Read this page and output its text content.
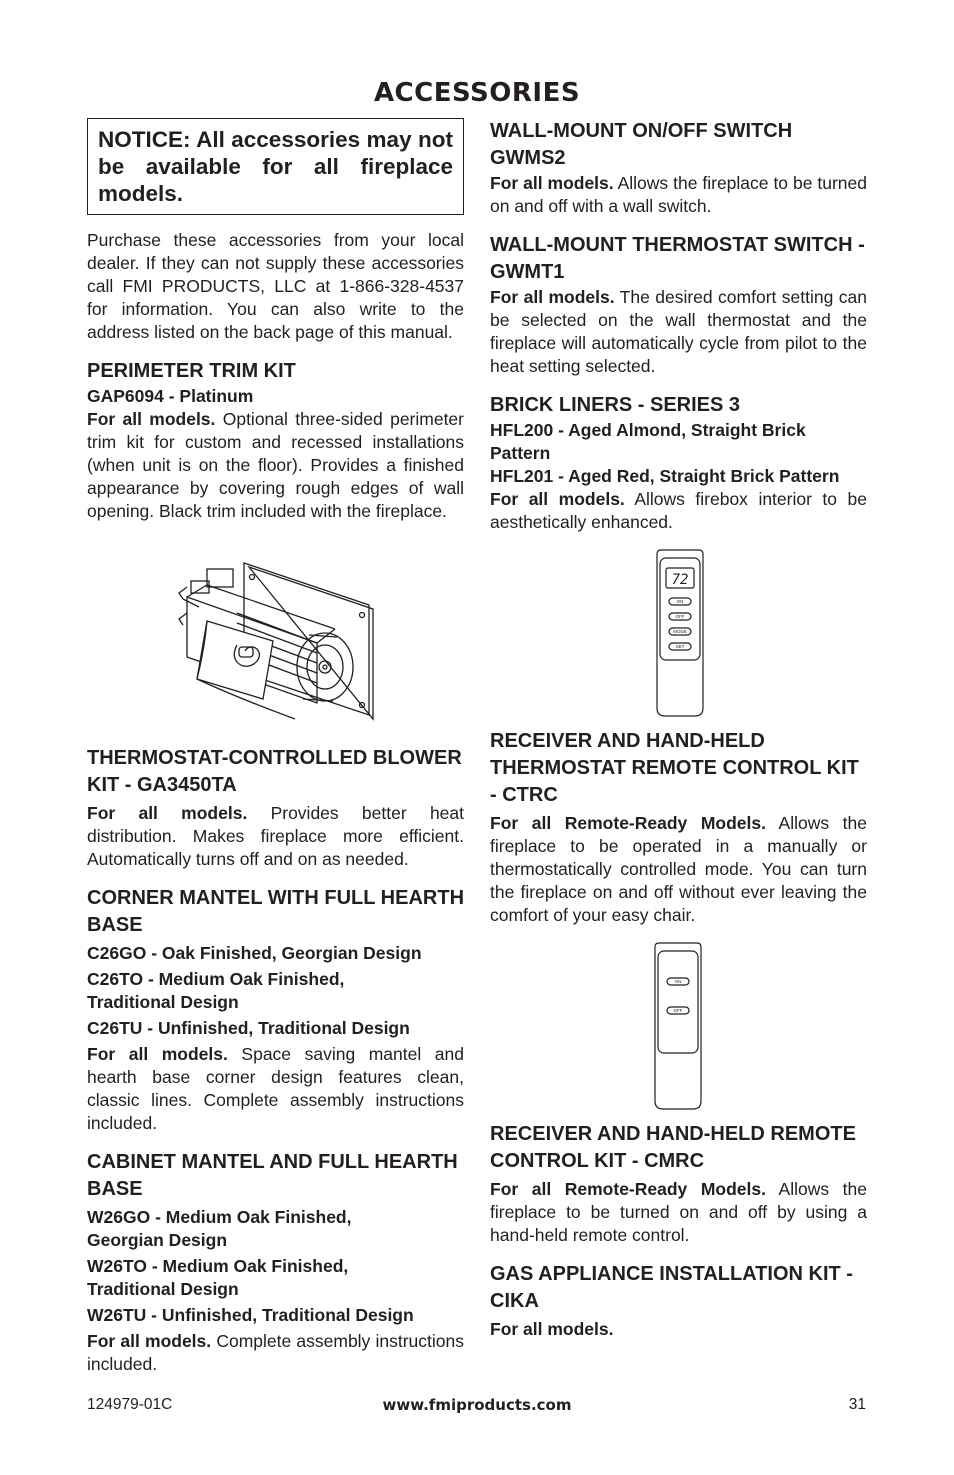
ACCESSORIES
NOTICE: All accessories may not be available for all fireplace models.

Purchase these accessories from your local dealer. If they can not supply these accessories call FMI PRODUCTS, LLC at 1-866-328-4537 for information. You can also write to the address listed on the back page of this manual.

PERIMETER TRIM KIT

GAP6094 - Platinum

For all models. Optional three-sided perimeter trim kit for custom and recessed installations (when unit is on the floor). Provides a finished appearance by covering rough edges of wall opening. Black trim included with the fireplace.

THERMOSTAT-CONTROLLED BLOWER KIT - GA3450TA

For all models. Provides better heat distribution. Makes fireplace more efficient. Automatically turns off and on as needed.

CORNER MANTEL WITH FULL HEARTH BASE

C26GO - Oak Finished, Georgian Design

C26TO - Medium Oak Finished, Traditional Design

C26TU - Unfinished, Traditional Design

For all models. Space saving mantel and hearth base corner design features clean, classic lines. Complete assembly instructions included.

CABINET MANTEL AND FULL HEARTH BASE

W26GO - Medium Oak Finished, Georgian Design

W26TO - Medium Oak Finished, Traditional Design

W26TU - Unfinished, Traditional Design

For all models. Complete assembly instructions included.

WALL-MOUNT ON/OFF SWITCH GWMS2

For all models. Allows the fireplace to be turned on and off with a wall switch.

WALL-MOUNT THERMOSTAT SWITCH - GWMT1

For all models. The desired comfort setting can be selected on the wall thermostat and the fireplace will automatically cycle from pilot to the heat setting selected.

BRICK LINERS - SERIES 3

HFL200 - Aged Almond, Straight Brick Pattern

HFL201 - Aged Red, Straight Brick Pattern

For all models. Allows firebox interior to be aesthetically enhanced.

72
ON
OFF
MODE
SET

RECEIVER AND HAND-HELD THERMOSTAT REMOTE CONTROL KIT - CTRC

For all Remote-Ready Models. Allows the fireplace to be operated in a manually or thermostatically controlled mode. You can turn the fireplace on and off without ever leaving the comfort of your easy chair.

ON
OFF

RECEIVER AND HAND-HELD REMOTE CONTROL KIT - CMRC

For all Remote-Ready Models. Allows the fireplace to be turned on and off by using a hand-held remote control.

GAS APPLIANCE INSTALLATION KIT - CIKA

For all models.

124979-01C	www.fmiproducts.com	31
